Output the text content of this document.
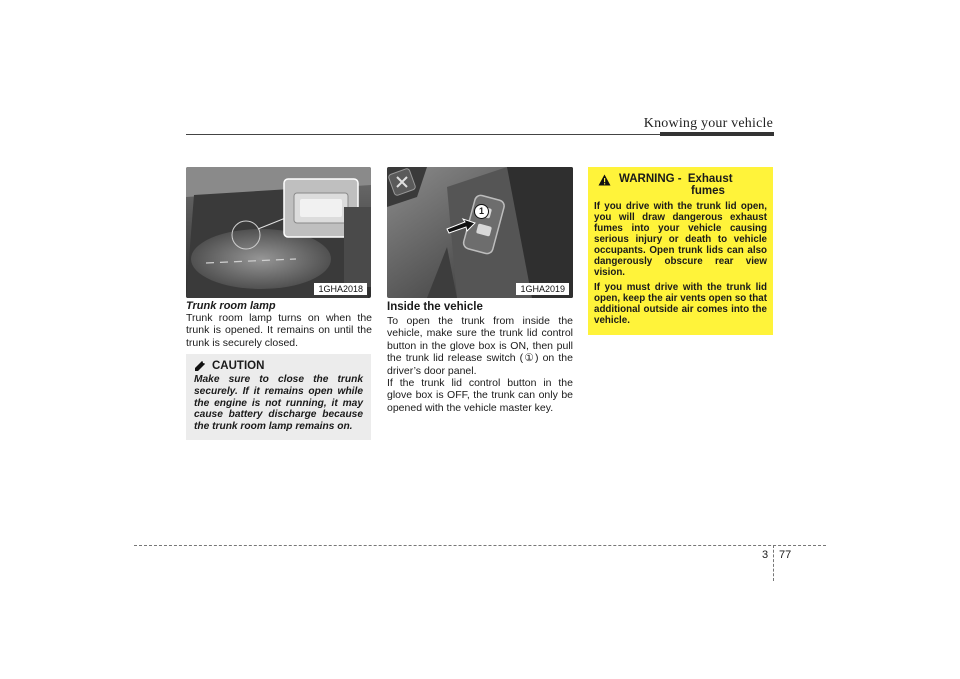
Knowing your vehicle
1GHA2018
Trunk room lamp

Trunk room lamp turns on when the trunk is opened. It remains on until the trunk is securely closed.

CAUTION
Make sure to close the trunk securely. If it remains open while the engine is not running, it may cause battery discharge because the trunk room lamp remains on.
1
1GHA2019
Inside the vehicle

To open the trunk from inside the vehicle, make sure the trunk lid control button in the glove box is ON, then pull the trunk lid release switch (①) on the driver’s door panel.

If the trunk lid control button in the glove box is OFF, the trunk can only be opened with the vehicle master key.

WARNING - Exhaust
fumes

If you drive with the trunk lid open, you will draw dangerous exhaust fumes into your vehicle causing serious injury or death to vehicle occupants. Open trunk lids can also dangerously obscure rear view vision.

If you must drive with the trunk lid open, keep the air vents open so that additional outside air comes into the vehicle.

3 77
